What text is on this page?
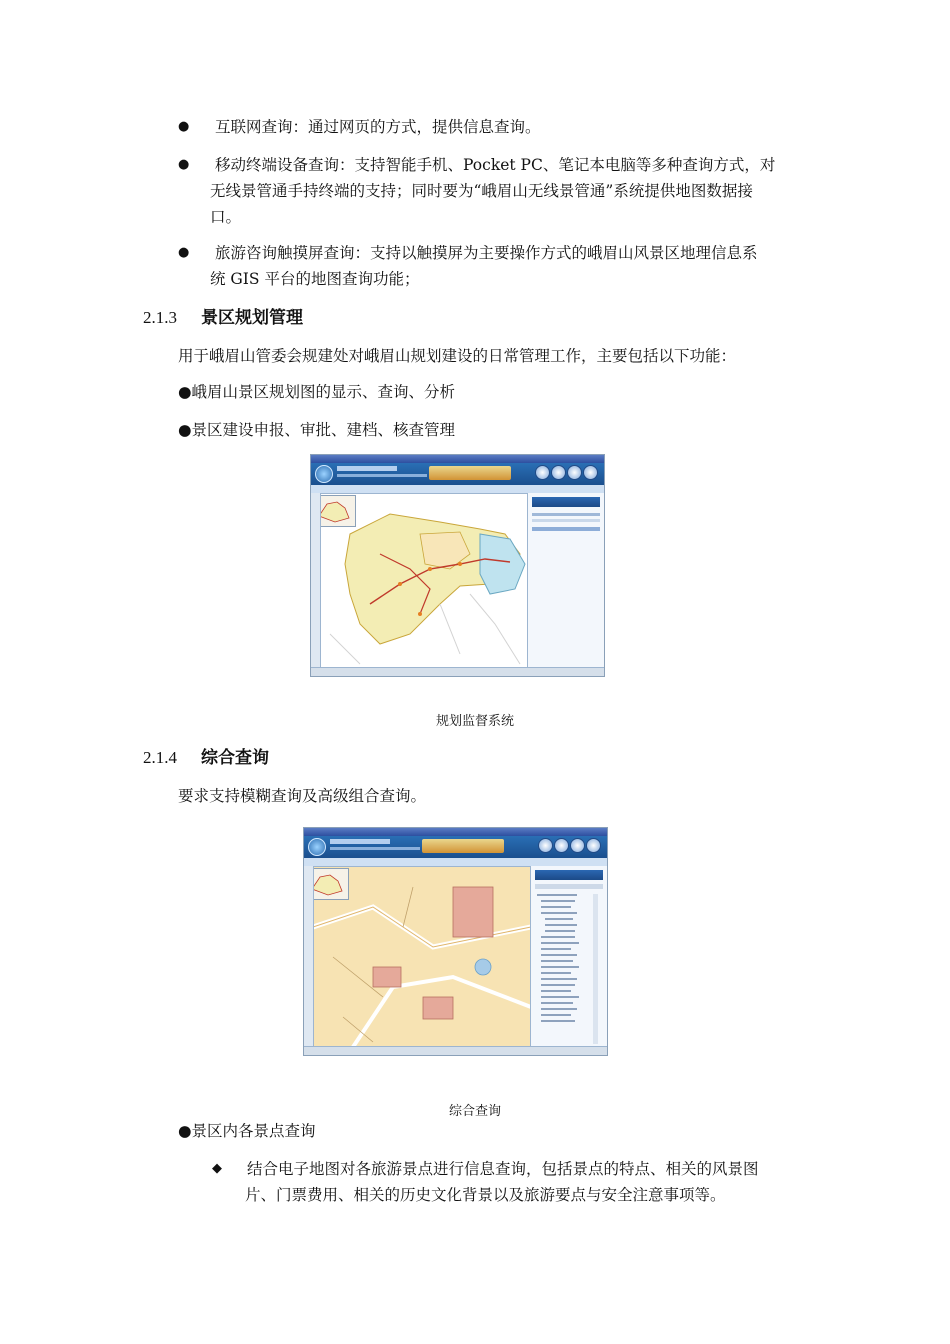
● 互联网查询：通过网页的方式，提供信息查询。
● 移动终端设备查询：支持智能手机、Pocket PC、笔记本电脑等多种查询方式，对
无线景管通手持终端的支持；同时要为“峨眉山无线景管通”系统提供地图数据接
口。
● 旅游咨询触摸屏查询：支持以触摸屏为主要操作方式的峨眉山风景区地理信息系
统 GIS 平台的地图查询功能；
2.1.3 景区规划管理
用于峨眉山管委会规建处对峨眉山规划建设的日常管理工作，主要包括以下功能：
●峨眉山景区规划图的显示、查询、分析
●景区建设申报、审批、建档、核查管理
规划监督系统
2.1.4 综合查询
要求支持模糊查询及高级组合查询。
综合查询
●景区内各景点查询
◆ 结合电子地图对各旅游景点进行信息查询，包括景点的特点、相关的风景图
片、门票费用、相关的历史文化背景以及旅游要点与安全注意事项等。
